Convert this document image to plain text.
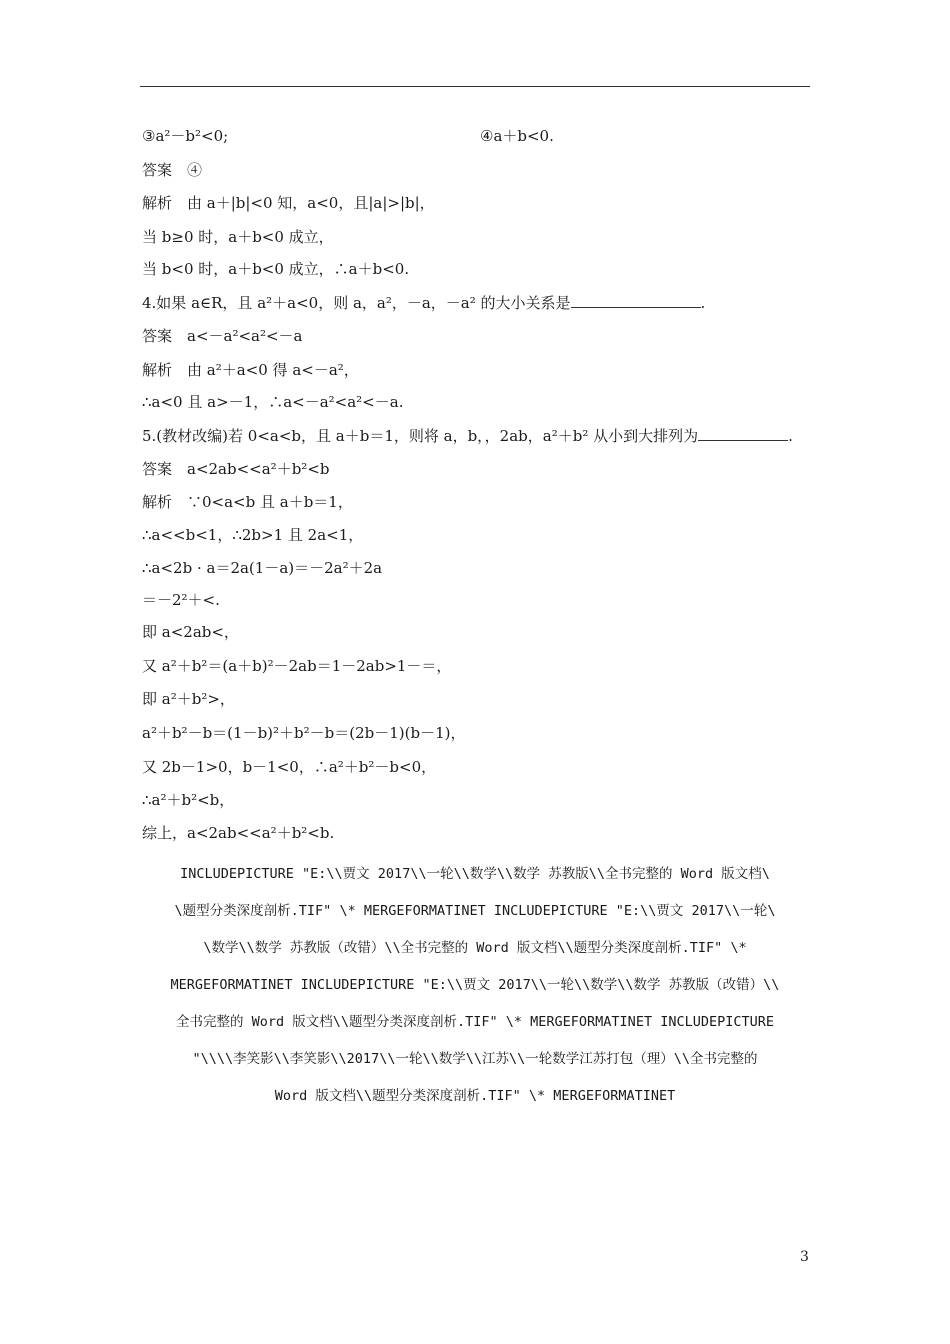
③a²－b²<0;	④a＋b<0.
答案　④
解析　由 a＋|b|<0 知，a<0，且|a|>|b|，
当 b≥0 时，a＋b<0 成立，
当 b<0 时，a＋b<0 成立，∴a＋b<0.
4.如果 a∈R，且 a²＋a<0，则 a，a²，－a，－a² 的大小关系是	.
答案　a<－a²<a²<－a
解析　由 a²＋a<0 得 a<－a²，
∴a<0 且 a>－1，∴a<－a²<a²<－a.
5.(教材改编)若 0<a<b，且 a＋b＝1，则将 a，b，，2ab，a²＋b² 从小到大排列为	.
答案　a<2ab<<a²＋b²<b
解析　∵0<a<b 且 a＋b＝1，
∴a<<b<1，∴2b>1 且 2a<1，
∴a<2b · a＝2a(1－a)＝－2a²＋2a
＝－2²＋<.
即 a<2ab<，
又 a²＋b²＝(a＋b)²－2ab＝1－2ab>1－＝，
即 a²＋b²>，
a²＋b²－b＝(1－b)²＋b²－b＝(2b－1)(b－1)，
又 2b－1>0，b－1<0，∴a²＋b²－b<0，
∴a²＋b²<b，
综上，a<2ab<<a²＋b²<b.
INCLUDEPICTURE "E:\\贾文 2017\\一轮\\数学\\数学 苏教版\\全书完整的 Word 版文档\
\题型分类深度剖析.TIF" \* MERGEFORMATINET INCLUDEPICTURE "E:\\贾文 2017\\一轮\
\数学\\数学 苏教版（改错）\\全书完整的 Word 版文档\\题型分类深度剖析.TIF" \*
MERGEFORMATINET INCLUDEPICTURE "E:\\贾文 2017\\一轮\\数学\\数学 苏教版（改错）\\
全书完整的 Word 版文档\\题型分类深度剖析.TIF" \* MERGEFORMATINET INCLUDEPICTURE
"\\\\李笑影\\李笑影\\2017\\一轮\\数学\\江苏\\一轮数学江苏打包（理）\\全书完整的
Word 版文档\\题型分类深度剖析.TIF" \* MERGEFORMATINET
3
